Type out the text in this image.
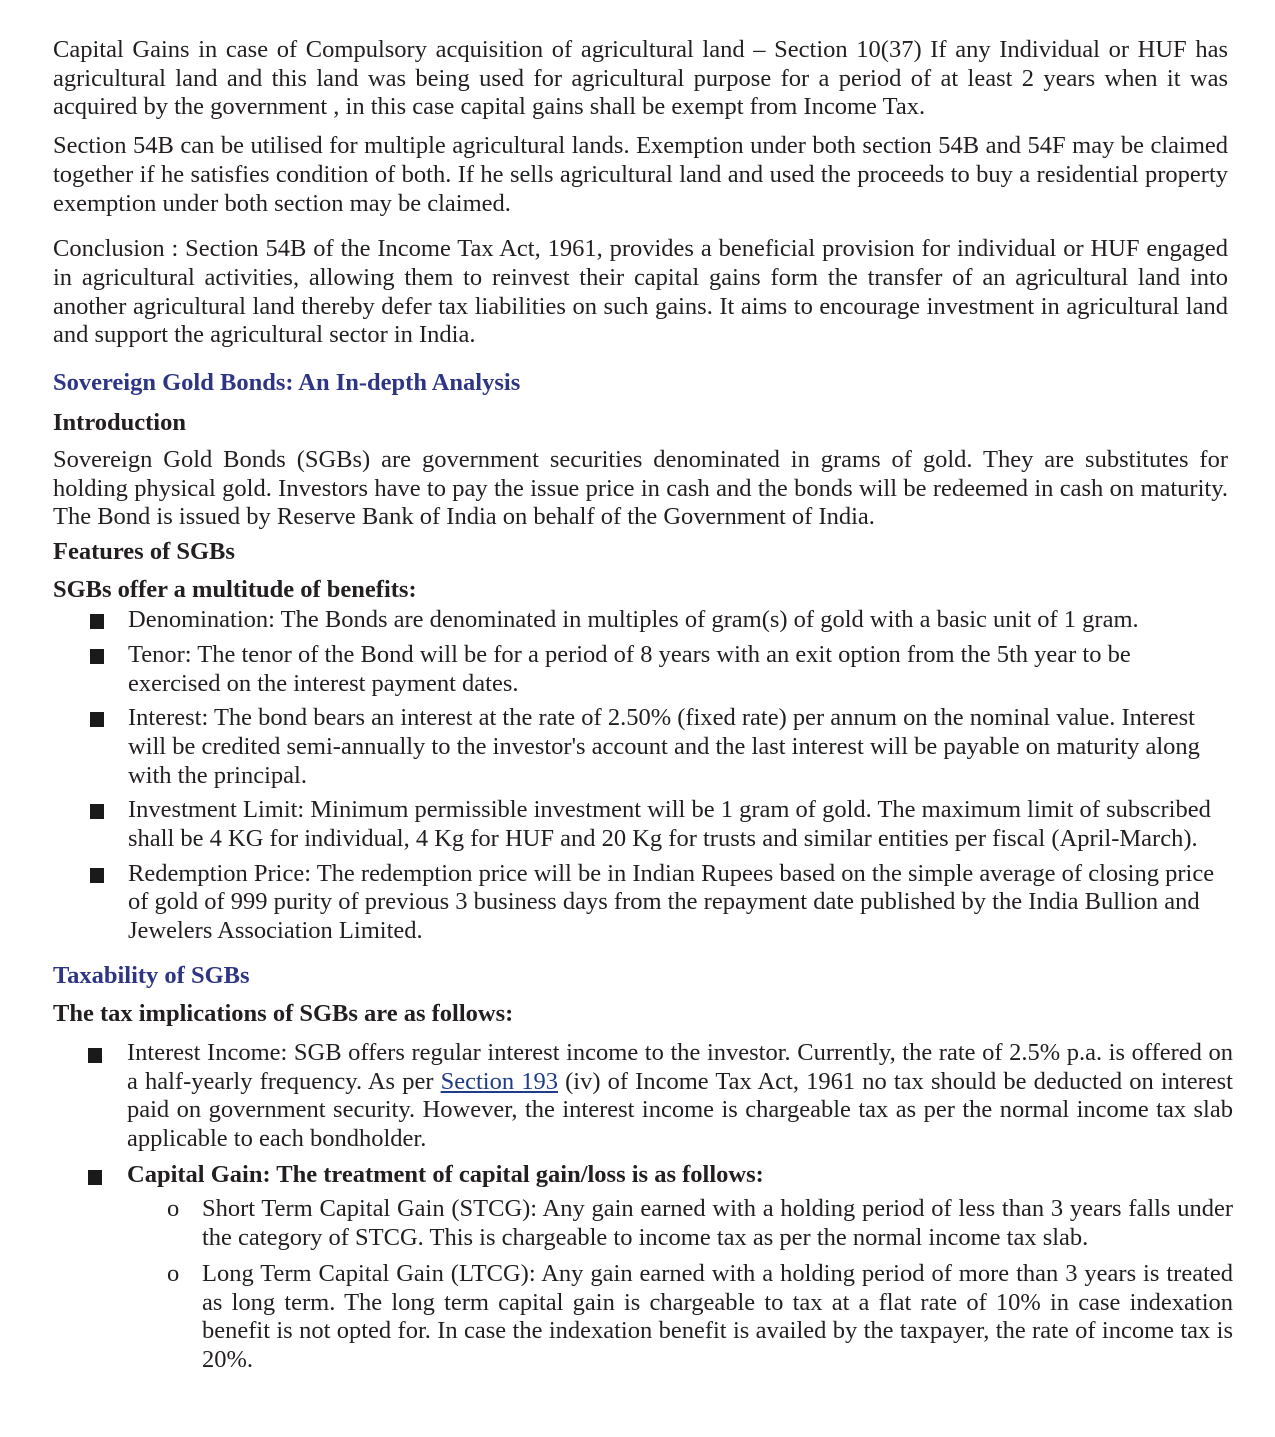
Capital Gains in case of Compulsory acquisition of agricultural land – Section 10(37) If any Individual or HUF has agricultural land and this land was being used for agricultural purpose for a period of at least 2 years when it was acquired by the government , in this case capital gains shall be exempt from Income Tax.

Section 54B can be utilised for multiple agricultural lands. Exemption under both section 54B and 54F may be claimed together if he satisfies condition of both. If he sells agricultural land and used the proceeds to buy a residential property exemption under both section may be claimed.

Conclusion : Section 54B of the Income Tax Act, 1961, provides a beneficial provision for individual or HUF engaged in agricultural activities, allowing them to reinvest their capital gains form the transfer of an agricultural land into another agricultural land thereby defer tax liabilities on such gains. It aims to encourage investment in agricultural land and support the agricultural sector in India.

Sovereign Gold Bonds: An In-depth Analysis
Introduction

Sovereign Gold Bonds (SGBs) are government securities denominated in grams of gold. They are substitutes for holding physical gold. Investors have to pay the issue price in cash and the bonds will be redeemed in cash on maturity. The Bond is issued by Reserve Bank of India on behalf of the Government of India.

Features of SGBs
SGBs offer a multitude of benefits:

Denomination: The Bonds are denominated in multiples of gram(s) of gold with a basic unit of 1 gram.

Tenor: The tenor of the Bond will be for a period of 8 years with an exit option from the 5th year to be exercised on the interest payment dates.

Interest: The bond bears an interest at the rate of 2.50% (fixed rate) per annum on the nominal value. Interest will be credited semi-annually to the investor's account and the last interest will be payable on maturity along with the principal.

Investment Limit: Minimum permissible investment will be 1 gram of gold. The maximum limit of subscribed shall be 4 KG for individual, 4 Kg for HUF and 20 Kg for trusts and similar entities per fiscal (April-March).

Redemption Price: The redemption price will be in Indian Rupees based on the simple average of closing price of gold of 999 purity of previous 3 business days from the repayment date published by the India Bullion and Jewelers Association Limited.

Taxability of SGBs
The tax implications of SGBs are as follows:

Interest Income: SGB offers regular interest income to the investor. Currently, the rate of 2.5% p.a. is offered on a half-yearly frequency. As per Section 193 (iv) of Income Tax Act, 1961 no tax should be deducted on interest paid on government security. However, the interest income is chargeable tax as per the normal income tax slab applicable to each bondholder.

Capital Gain: The treatment of capital gain/loss is as follows:

o Short Term Capital Gain (STCG): Any gain earned with a holding period of less than 3 years falls under the category of STCG. This is chargeable to income tax as per the normal income tax slab.

o Long Term Capital Gain (LTCG): Any gain earned with a holding period of more than 3 years is treated as long term. The long term capital gain is chargeable to tax at a flat rate of 10% in case indexation benefit is not opted for. In case the indexation benefit is availed by the taxpayer, the rate of income tax is 20%.
